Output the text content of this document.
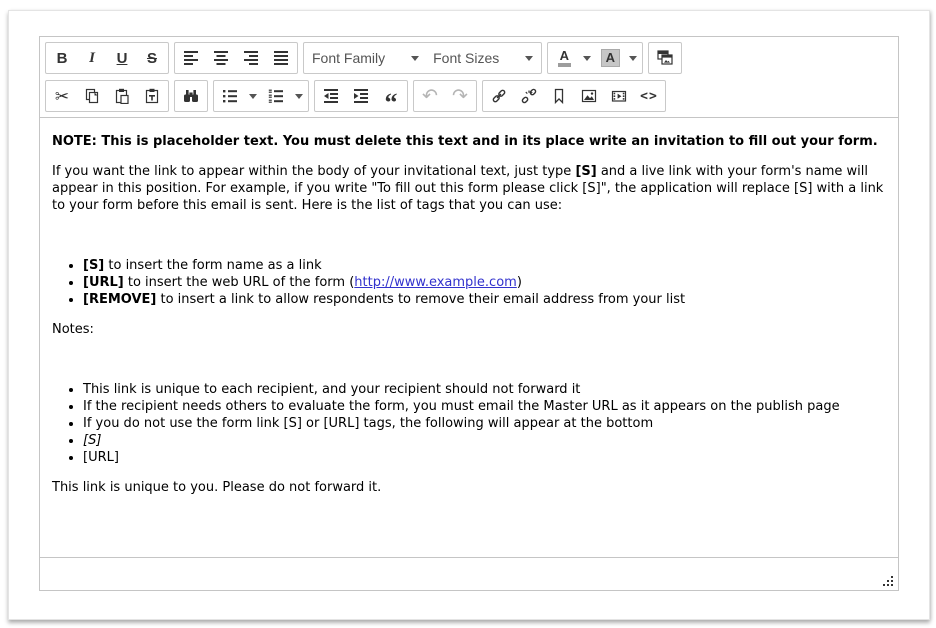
B I U S	Font Family	Font Sizes	A	A
✂	“ ↶ ↷	<>

NOTE: This is placeholder text. You must delete this text and in its place write an invitation to fill out your form.

If you want the link to appear within the body of your invitational text, just type [S] and a live link with your form's name will appear in this position. For example, if you write "To fill out this form please click [S]", the application will replace [S] with a link to your form before this email is sent. Here is the list of tags that you can use:

• [S] to insert the form name as a link
• [URL] to insert the web URL of the form (http://www.example.com)
• [REMOVE] to insert a link to allow respondents to remove their email address from your list

Notes:

• This link is unique to each recipient, and your recipient should not forward it
• If the recipient needs others to evaluate the form, you must email the Master URL as it appears on the publish page
• If you do not use the form link [S] or [URL] tags, the following will appear at the bottom
• [S]
• [URL]

This link is unique to you. Please do not forward it.
